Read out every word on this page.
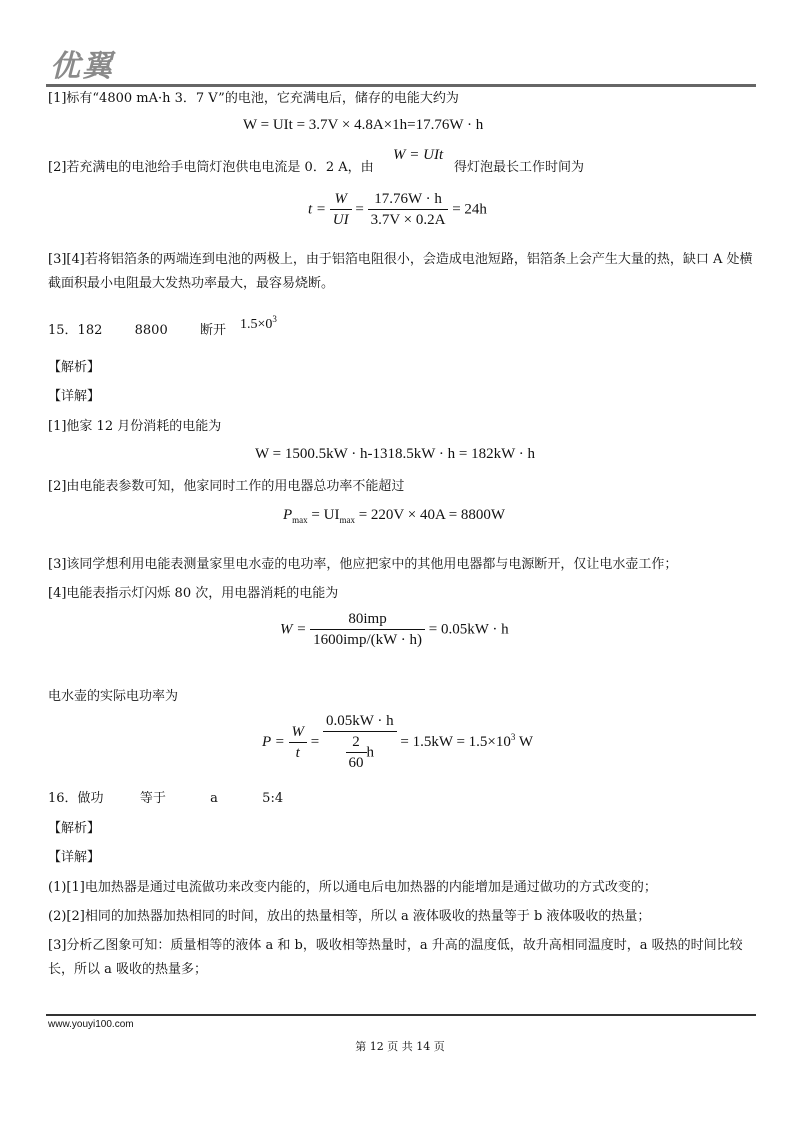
优翼
[1]标有“4800 mA·h 3．7 V”的电池，它充满电后，储存的电能大约为
W = UIt = 3.7V × 4.8A×1h=17.76W · h
[2]若充满电的电池给手电筒灯泡供电电流是 0．2 A，由
W = UIt
得灯泡最长工作时间为
$t = \frac{W}{UI} = \frac{17.76W \cdot h}{3.7V \times 0.2A} = 24h$
[3][4]若将铝箔条的两端连到电池的两极上，由于铝箔电阻很小，会造成电池短路，铝箔条上会产生大量的热，缺口 A 处横截面积最小电阻最大发热功率最大，最容易烧断。
15．182 8800 断开 $1.5\times 0^3$
【解析】
【详解】
[1]他家 12 月份消耗的电能为
W = 1500.5kW · h-1318.5kW · h = 182kW · h
[2]由电能表参数可知，他家同时工作的用电器总功率不能超过
$P_{max} = UI_{max} = 220V \times 40A = 8800W$
[3]该同学想利用电能表测量家里电水壶的电功率，他应把家中的其他用电器都与电源断开，仅让电水壶工作；
[4]电能表指示灯闪烁 80 次，用电器消耗的电能为
$W = \frac{\text{80imp}}{\text{1600imp/(kW · h)}} = 0.05kW \cdot h$
电水壶的实际电功率为
$P = \frac{W}{t} = \frac{0.05kW \cdot h}{\frac{2}{60} h} = 1.5kW = 1.5\times 10^3$ W
16．做功	等于	a	5:4
【解析】
【详解】
(1)[1]电加热器是通过电流做功来改变内能的，所以通电后电加热器的内能增加是通过做功的方式改变的；
(2)[2]相同的加热器加热相同的时间，放出的热量相等，所以 a 液体吸收的热量等于 b 液体吸收的热量；
[3]分析乙图象可知：质量相等的液体 a 和 b，吸收相等热量时，a 升高的温度低，故升高相同温度时，a 吸热的时间比较长，所以 a 吸收的热量多；
www.youyi100.com
第 12 页 共 14 页
